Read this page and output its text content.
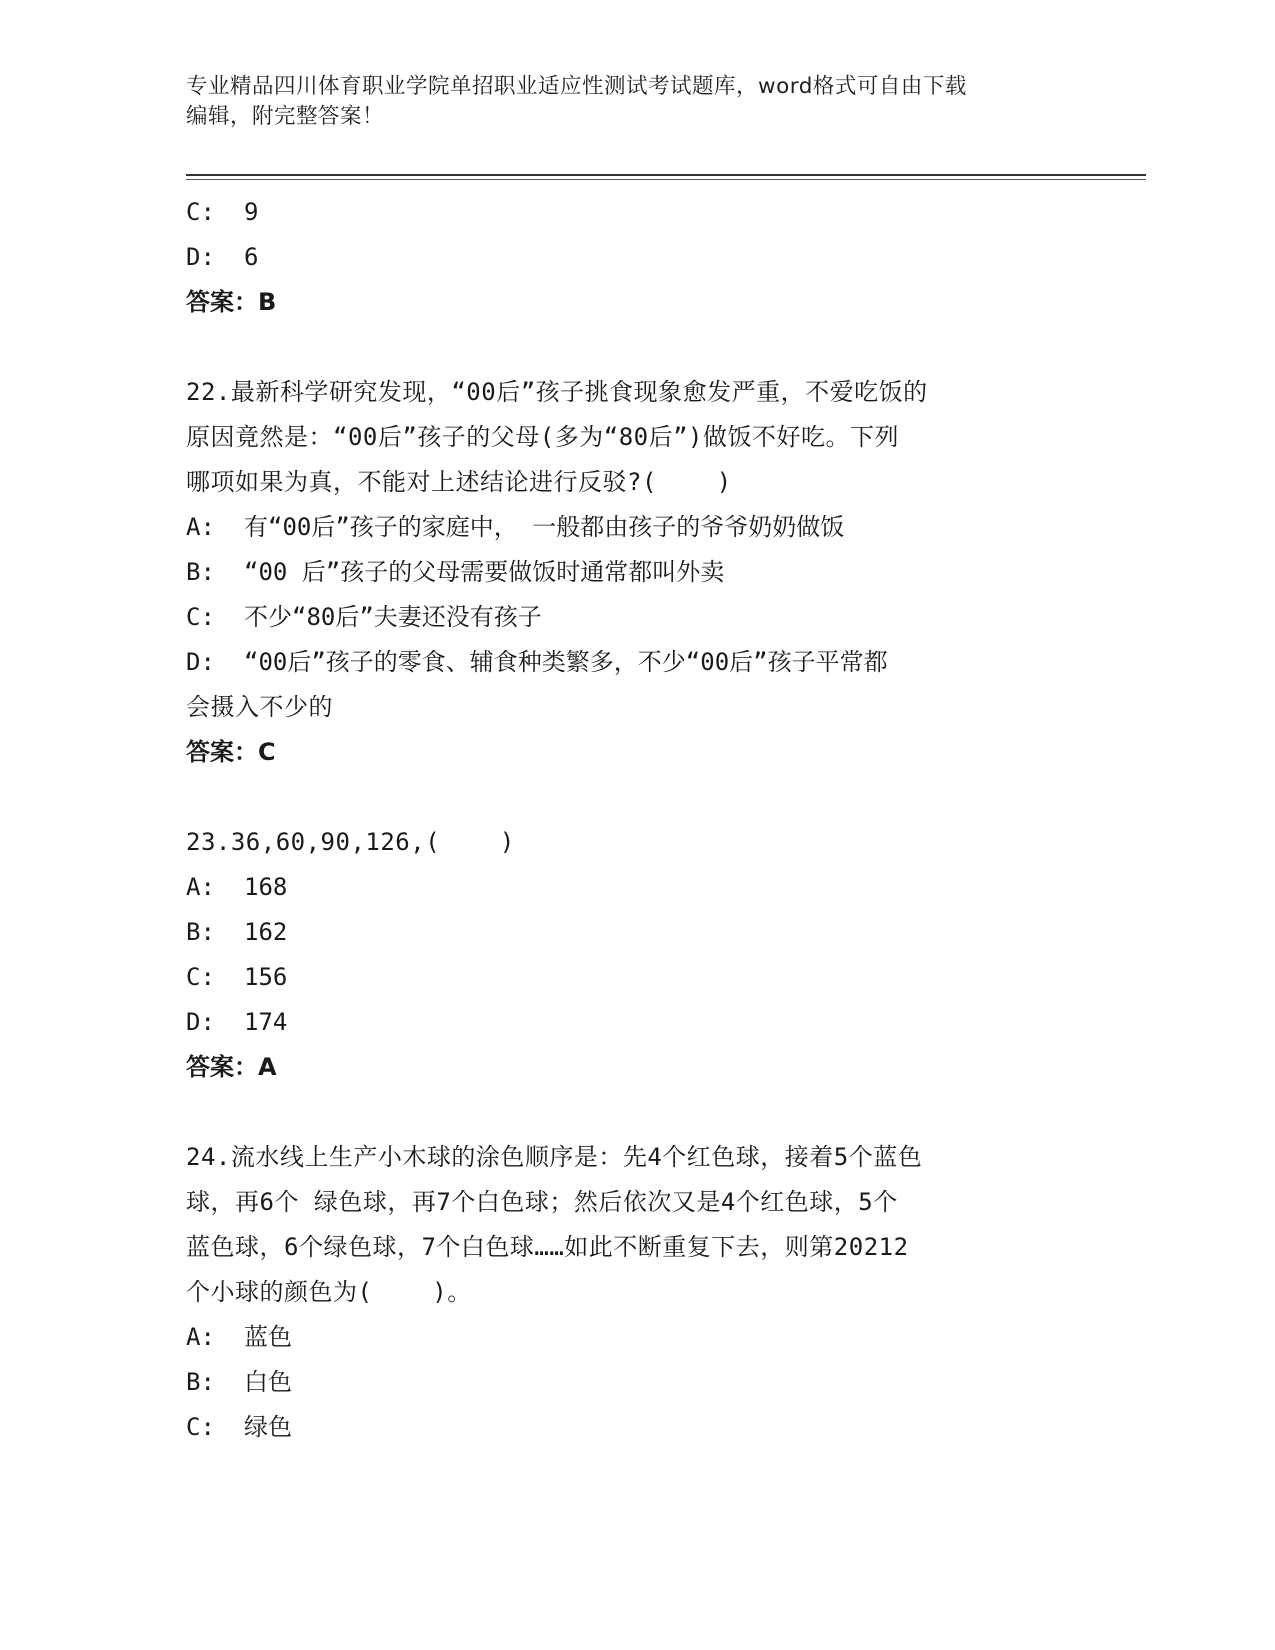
专业精品四川体育职业学院单招职业适应性测试考试题库，word格式可自由下载
编辑，附完整答案！
C:	9
D:	6
答案：B
22.最新科学研究发现，“00后”孩子挑食现象愈发严重，不爱吃饭的
原因竟然是：“00后”孩子的父母(多为“80后”)做饭不好吃。下列
哪项如果为真，不能对上述结论进行反驳?(    )
A:	有“00后”孩子的家庭中， 一般都由孩子的爷爷奶奶做饭
B:	“00 后”孩子的父母需要做饭时通常都叫外卖
C:	不少“80后”夫妻还没有孩子
D:	“00后”孩子的零食、辅食种类繁多，不少“00后”孩子平常都
会摄入不少的
答案：C
23.36,60,90,126,(    )
A:	168
B:	162
C:	156
D:	174
答案：A
24.流水线上生产小木球的涂色顺序是：先4个红色球，接着5个蓝色
球，再6个 绿色球，再7个白色球；然后依次又是4个红色球，5个
蓝色球，6个绿色球，7个白色球……如此不断重复下去，则第20212
个小球的颜色为(    )。
A:	蓝色
B:	白色
C:	绿色
